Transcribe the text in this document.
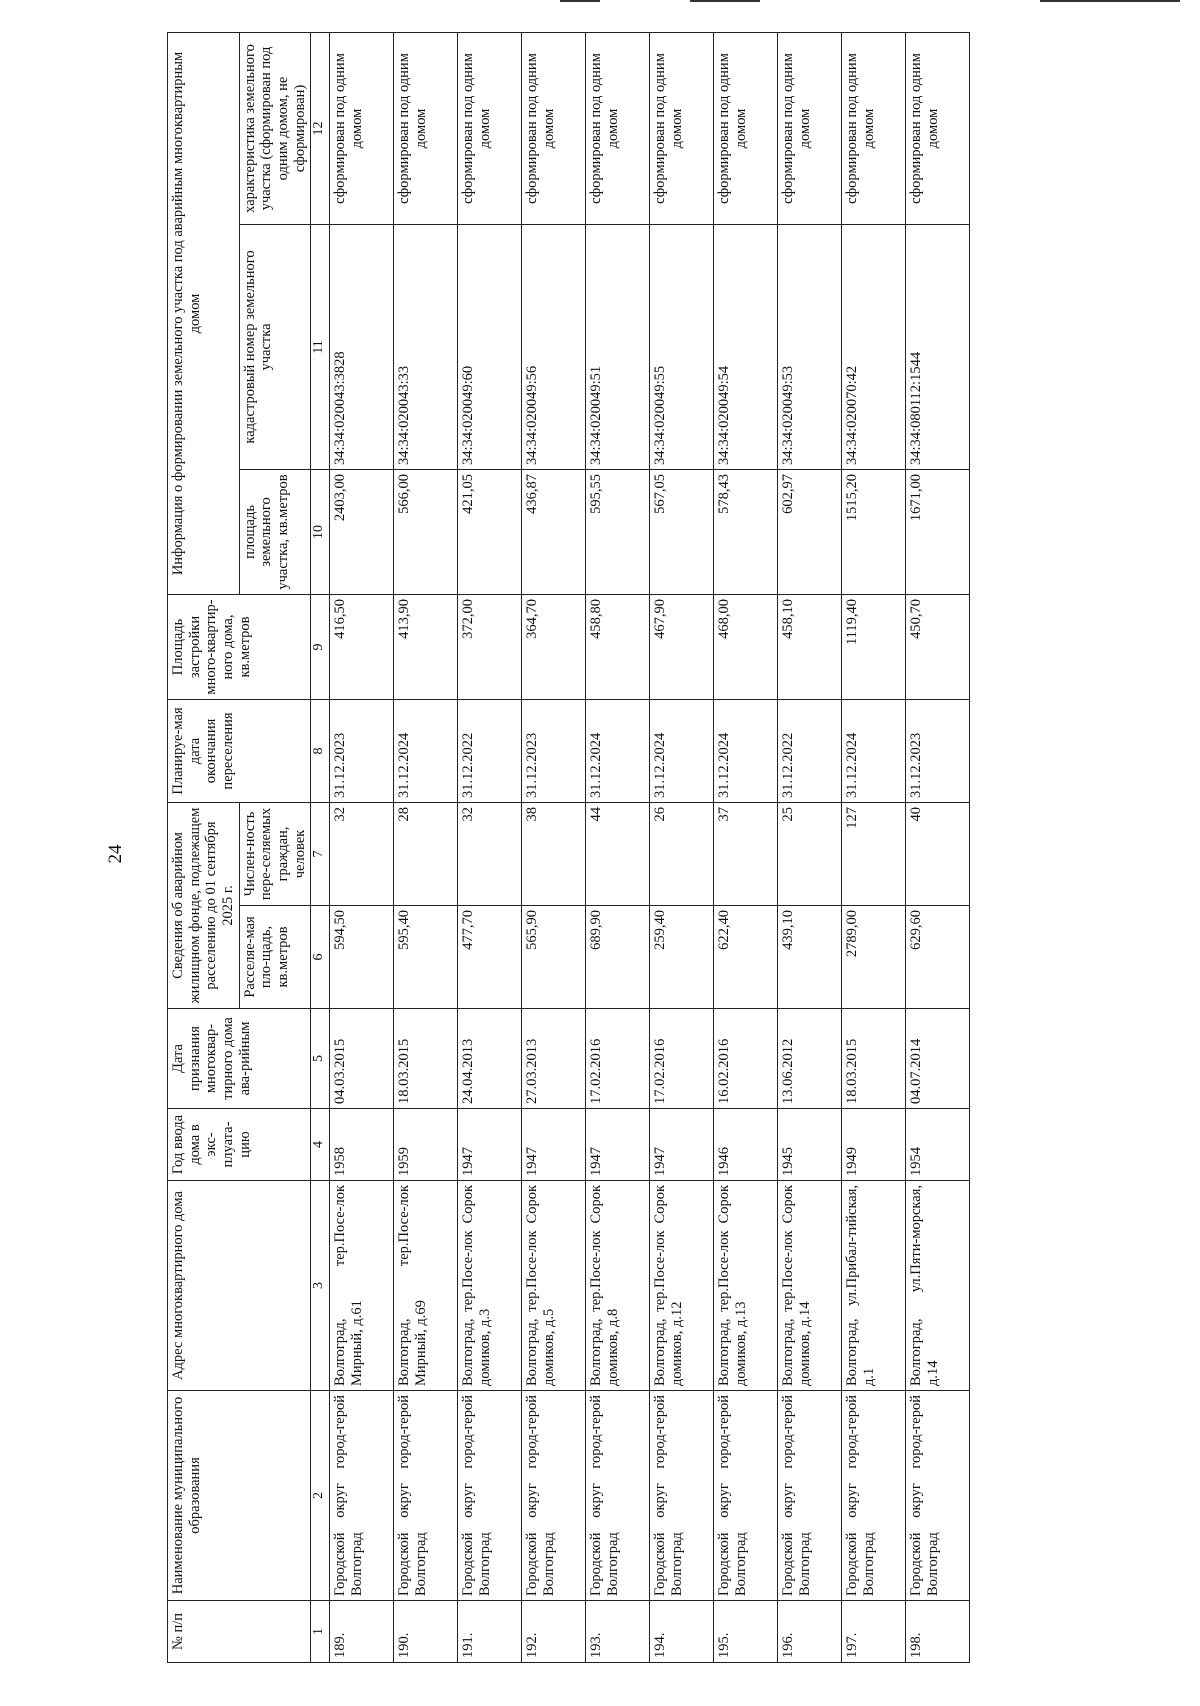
24
№ п/п	Наименование муниципального образования	Адрес многоквартирного дома	Год ввода дома в экс-плуата-цию	Дата признания многоквар-тирного дома ава-рийным	Сведения об аварийном жилищном фонде, подлежащем расселению до 01 сентября 2025 г.		Планируе-мая дата окончания переселения	Площадь застройки много-квартир-ного дома, кв.метров	Информация о формировании земельного участка под аварийным многоквартирным домом		
					Расселяе-мая пло-щадь, кв.метров	Числен-ность пере-селяемых граждан, человек			площадь земельного участка, кв.метров	кадастровый номер земельного участка	характеристика земельного участка (сформирован под одним домом, не сформирован)
1	2	3	4	5	6	7	8	9	10	11	12
189.	Городской округ город-герой Волгоград	Волгоград, тер.Посе-лок Мирный, д.61	1958	04.03.2015	594,50	32	31.12.2023	416,50	2403,00	34:34:020043:3828	сформирован под одним домом
190.	Городской округ город-герой Волгоград	Волгоград, тер.Посе-лок Мирный, д.69	1959	18.03.2015	595,40	28	31.12.2024	413,90	566,00	34:34:020043:33	сформирован под одним домом
191.	Городской округ город-герой Волгоград	Волгоград, тер.Посе-лок Сорок домиков, д.3	1947	24.04.2013	477,70	32	31.12.2022	372,00	421,05	34:34:020049:60	сформирован под одним домом
192.	Городской округ город-герой Волгоград	Волгоград, тер.Посе-лок Сорок домиков, д.5	1947	27.03.2013	565,90	38	31.12.2023	364,70	436,87	34:34:020049:56	сформирован под одним домом
193.	Городской округ город-герой Волгоград	Волгоград, тер.Посе-лок Сорок домиков, д.8	1947	17.02.2016	689,90	44	31.12.2024	458,80	595,55	34:34:020049:51	сформирован под одним домом
194.	Городской округ город-герой Волгоград	Волгоград, тер.Посе-лок Сорок домиков, д.12	1947	17.02.2016	259,40	26	31.12.2024	467,90	567,05	34:34:020049:55	сформирован под одним домом
195.	Городской округ город-герой Волгоград	Волгоград, тер.Посе-лок Сорок домиков, д.13	1946	16.02.2016	622,40	37	31.12.2024	468,00	578,43	34:34:020049:54	сформирован под одним домом
196.	Городской округ город-герой Волгоград	Волгоград, тер.Посе-лок Сорок домиков, д.14	1945	13.06.2012	439,10	25	31.12.2022	458,10	602,97	34:34:020049:53	сформирован под одним домом
197.	Городской округ город-герой Волгоград	Волгоград, ул.Прибал-тийская, д.1	1949	18.03.2015	2789,00	127	31.12.2024	1119,40	1515,20	34:34:020070:42	сформирован под одним домом
198.	Городской округ город-герой Волгоград	Волгоград, ул.Пяти-морская, д.14	1954	04.07.2014	629,60	40	31.12.2023	450,70	1671,00	34:34:080112:1544	сформирован под одним домом
